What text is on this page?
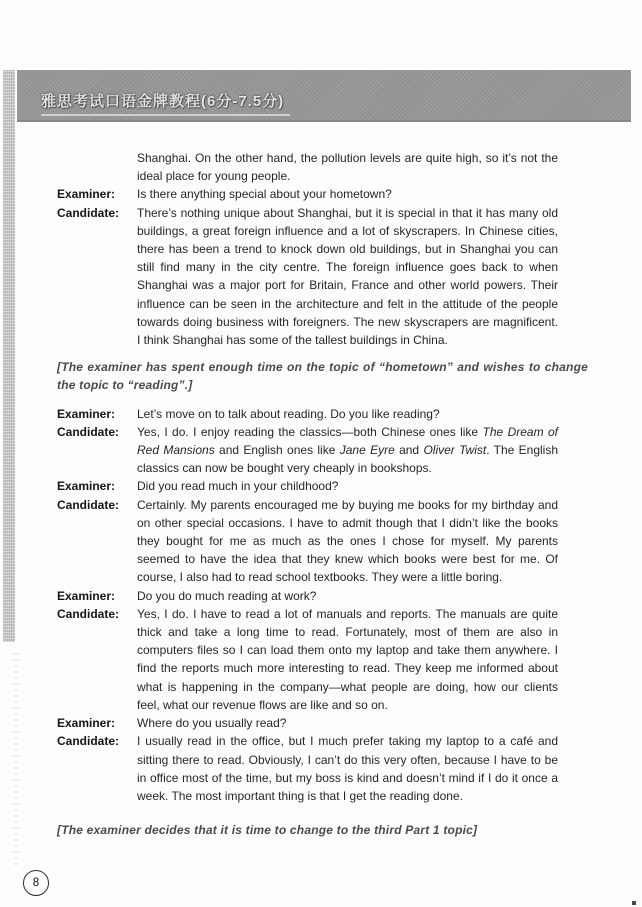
雅思考试口语金牌教程(6分-7.5分)
Shanghai. On the other hand, the pollution levels are quite high, so it’s not the ideal place for young people.
Examiner:	Is there anything special about your hometown?
Candidate:	There’s nothing unique about Shanghai, but it is special in that it has many old buildings, a great foreign influence and a lot of skyscrapers. In Chinese cities, there has been a trend to knock down old buildings, but in Shanghai you can still find many in the city centre. The foreign influence goes back to when Shanghai was a major port for Britain, France and other world powers. Their influence can be seen in the architecture and felt in the attitude of the people towards doing business with foreigners. The new skyscrapers are magnificent. I think Shanghai has some of the tallest buildings in China.

[The examiner has spent enough time on the topic of “hometown” and wishes to change the topic to “reading”.]

Examiner:	Let’s move on to talk about reading. Do you like reading?
Candidate:	Yes, I do. I enjoy reading the classics—both Chinese ones like The Dream of Red Mansions and English ones like Jane Eyre and Oliver Twist. The English classics can now be bought very cheaply in bookshops.
Examiner:	Did you read much in your childhood?
Candidate:	Certainly. My parents encouraged me by buying me books for my birthday and on other special occasions. I have to admit though that I didn’t like the books they bought for me as much as the ones I chose for myself. My parents seemed to have the idea that they knew which books were best for me. Of course, I also had to read school textbooks. They were a little boring.
Examiner:	Do you do much reading at work?
Candidate:	Yes, I do. I have to read a lot of manuals and reports. The manuals are quite thick and take a long time to read. Fortunately, most of them are also in computers files so I can load them onto my laptop and take them anywhere. I find the reports much more interesting to read. They keep me informed about what is happening in the company—what people are doing, how our clients feel, what our revenue flows are like and so on.
Examiner:	Where do you usually read?
Candidate:	I usually read in the office, but I much prefer taking my laptop to a café and sitting there to read. Obviously, I can’t do this very often, because I have to be in office most of the time, but my boss is kind and doesn’t mind if I do it once a week. The most important thing is that I get the reading done.

[The examiner decides that it is time to change to the third Part 1 topic]

8
